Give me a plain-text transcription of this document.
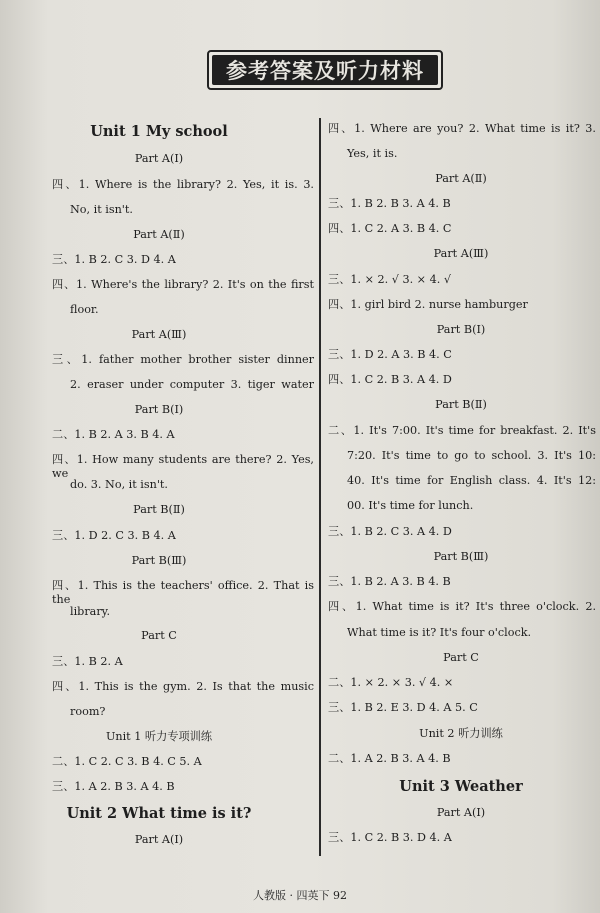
参考答案及听力材料
Unit 1 My school
Part A(Ⅰ)
四、1. Where is the library? 2. Yes, it is. 3.
No, it isn't.
Part A(Ⅱ)
三、1. B 2. C 3. D 4. A
四、1. Where's the library? 2. It's on the first
floor.
Part A(Ⅲ)
三、1. father mother brother sister dinner
2. eraser under computer 3. tiger water
Part B(Ⅰ)
二、1. B 2. A 3. B 4. A
四、1. How many students are there? 2. Yes, we
do. 3. No, it isn't.
Part B(Ⅱ)
三、1. D 2. C 3. B 4. A
Part B(Ⅲ)
四、1. This is the teachers' office. 2. That is the
library.
Part C
三、1. B 2. A
四、1. This is the gym. 2. Is that the music
room?
Unit 1 听力专项训练
二、1. C 2. C 3. B 4. C 5. A
三、1. A 2. B 3. A 4. B
Unit 2 What time is it?
Part A(Ⅰ)
四、1. Where are you? 2. What time is it? 3.
Yes, it is.
Part A(Ⅱ)
三、1. B 2. B 3. A 4. B
四、1. C 2. A 3. B 4. C
Part A(Ⅲ)
三、1. × 2. √ 3. × 4. √
四、1. girl bird 2. nurse hamburger
Part B(Ⅰ)
三、1. D 2. A 3. B 4. C
四、1. C 2. B 3. A 4. D
Part B(Ⅱ)
二、1. It's 7:00. It's time for breakfast. 2. It's
7:20. It's time to go to school. 3. It's 10:
40. It's time for English class. 4. It's 12:
00. It's time for lunch.
三、1. B 2. C 3. A 4. D
Part B(Ⅲ)
三、1. B 2. A 3. B 4. B
四、1. What time is it? It's three o'clock. 2.
What time is it? It's four o'clock.
Part C
二、1. × 2. × 3. √ 4. ×
三、1. B 2. E 3. D 4. A 5. C
Unit 2 听力训练
二、1. A 2. B 3. A 4. B
Unit 3 Weather
Part A(Ⅰ)
三、1. C 2. B 3. D 4. A
人教版 · 四英下 92
